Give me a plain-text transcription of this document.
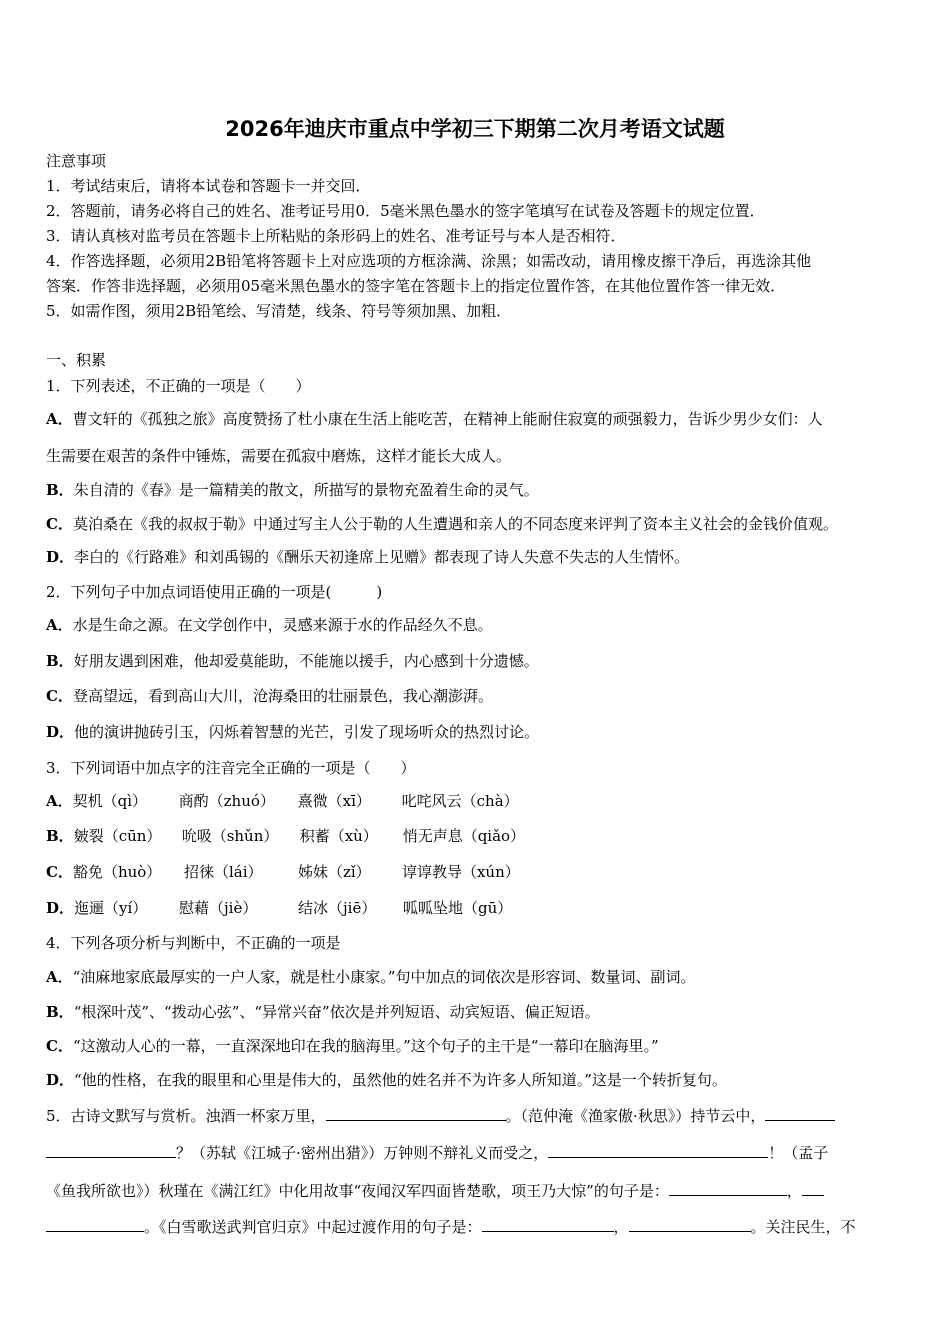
2026年迪庆市重点中学初三下期第二次月考语文试题
注意事项
1．考试结束后，请将本试卷和答题卡一并交回．
2．答题前，请务必将自己的姓名、准考证号用0．5毫米黑色墨水的签字笔填写在试卷及答题卡的规定位置．
3．请认真核对监考员在答题卡上所粘贴的条形码上的姓名、准考证号与本人是否相符．
4．作答选择题，必须用2B铅笔将答题卡上对应选项的方框涂满、涂黑；如需改动，请用橡皮擦干净后，再选涂其他
答案．作答非选择题，必须用05毫米黑色墨水的签字笔在答题卡上的指定位置作答，在其他位置作答一律无效．
5．如需作图，须用2B铅笔绘、写清楚，线条、符号等须加黑、加粗．
一、积累
1．下列表述，不正确的一项是（　　）
A．曹文轩的《孤独之旅》高度赞扬了杜小康在生活上能吃苦，在精神上能耐住寂寞的顽强毅力，告诉少男少女们：人
生需要在艰苦的条件中锤炼，需要在孤寂中磨炼，这样才能长大成人。
B．朱自清的《春》是一篇精美的散文，所描写的景物充盈着生命的灵气。
C．莫泊桑在《我的叔叔于勒》中通过写主人公于勒的人生遭遇和亲人的不同态度来评判了资本主义社会的金钱价值观。
D．李白的《行路难》和刘禹锡的《酬乐天初逢席上见赠》都表现了诗人失意不失志的人生情怀。
2．下列句子中加点词语使用正确的一项是(　　　)
A．水是生命之源。在文学创作中，灵感来源于水的作品经久不息。
B．好朋友遇到困难，他却爱莫能助，不能施以援手，内心感到十分遗憾。
C．登高望远，看到高山大川，沧海桑田的壮丽景色，我心潮澎湃。
D．他的演讲抛砖引玉，闪烁着智慧的光芒，引发了现场听众的热烈讨论。
3．下列词语中加点字的注音完全正确的一项是（　　）
A．契机（qì） 商酌（zhuó） 熹微（xī） 叱咤风云（chà）
B．皴裂（cūn） 吮吸（shǔn） 积蓄（xù） 悄无声息（qiǎo）
C．豁免（huò） 招徕（lái） 姊妹（zǐ） 谆谆教导（xún）
D．迤逦（yí） 慰藉（jiè）	结冰（jiē） 呱呱坠地（gū）
4．下列各项分析与判断中，不正确的一项是
A．“油麻地家底最厚实的一户人家，就是杜小康家。”句中加点的词依次是形容词、数量词、副词。
B．“根深叶茂”、“拨动心弦”、“异常兴奋”依次是并列短语、动宾短语、偏正短语。
C．“这激动人心的一幕，一直深深地印在我的脑海里。”这个句子的主干是“一幕印在脑海里。”
D．“他的性格，在我的眼里和心里是伟大的，虽然他的姓名并不为许多人所知道。”这是一个转折复句。
5．古诗文默写与赏析。浊酒一杯家万里，	。（范仲淹《渔家傲·秋思》）持节云中，
？（苏轼《江城子·密州出猎》）万钟则不辩礼义而受之，	！（孟子
《鱼我所欲也》）秋瑾在《满江红》中化用故事“夜闻汉军四面皆楚歌，项王乃大惊”的句子是：	，
。《白雪歌送武判官归京》中起过渡作用的句子是：	，	。关注民生，不
